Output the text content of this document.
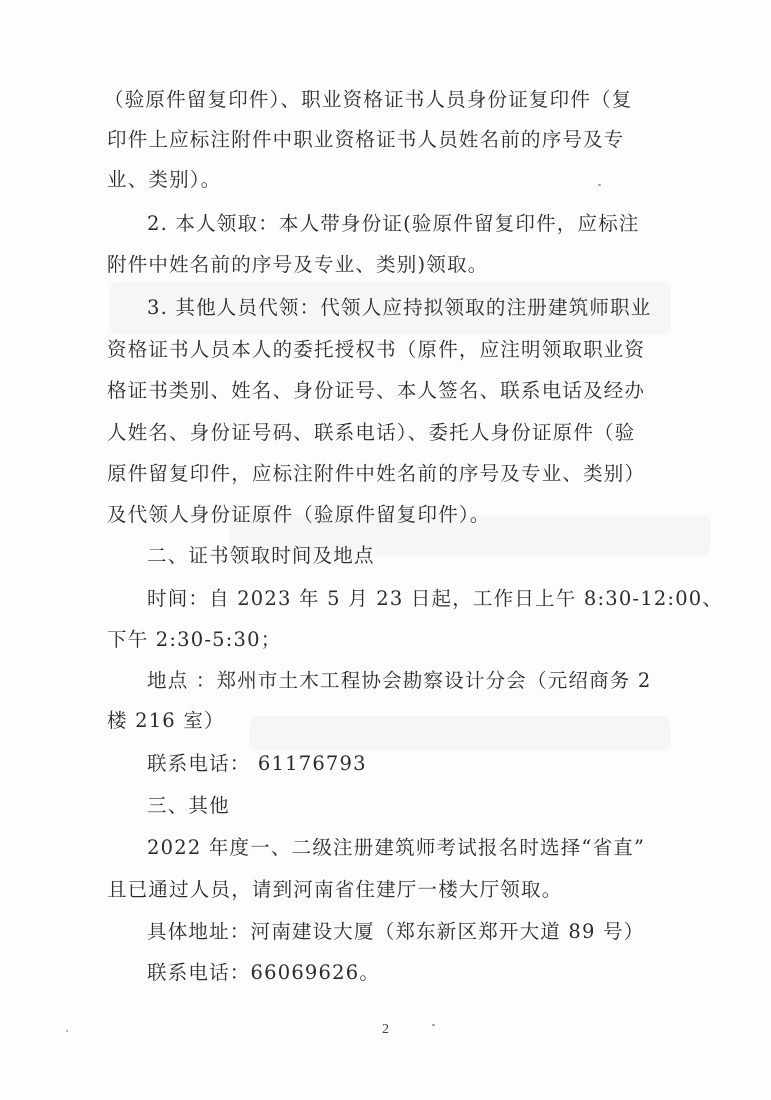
（验原件留复印件）、职业资格证书人员身份证复印件（复
印件上应标注附件中职业资格证书人员姓名前的序号及专
业、类别）。
2. 本人领取：本人带身份证(验原件留复印件，应标注
附件中姓名前的序号及专业、类别)领取。
3. 其他人员代领：代领人应持拟领取的注册建筑师职业
资格证书人员本人的委托授权书（原件，应注明领取职业资
格证书类别、姓名、身份证号、本人签名、联系电话及经办
人姓名、身份证号码、联系电话）、委托人身份证原件（验
原件留复印件，应标注附件中姓名前的序号及专业、类别）
及代领人身份证原件（验原件留复印件）。
二、证书领取时间及地点
时间：自 2023 年 5 月 23 日起，工作日上午 8:30-12:00、
下午 2:30-5:30；
地点 ：郑州市土木工程协会勘察设计分会（元绍商务 2
楼 216 室）
联系电话： 61176793
三、其他
2022 年度一、二级注册建筑师考试报名时选择“省直”
且已通过人员，请到河南省住建厅一楼大厅领取。
具体地址：河南建设大厦（郑东新区郑开大道 89 号）
联系电话：66069626。
2
